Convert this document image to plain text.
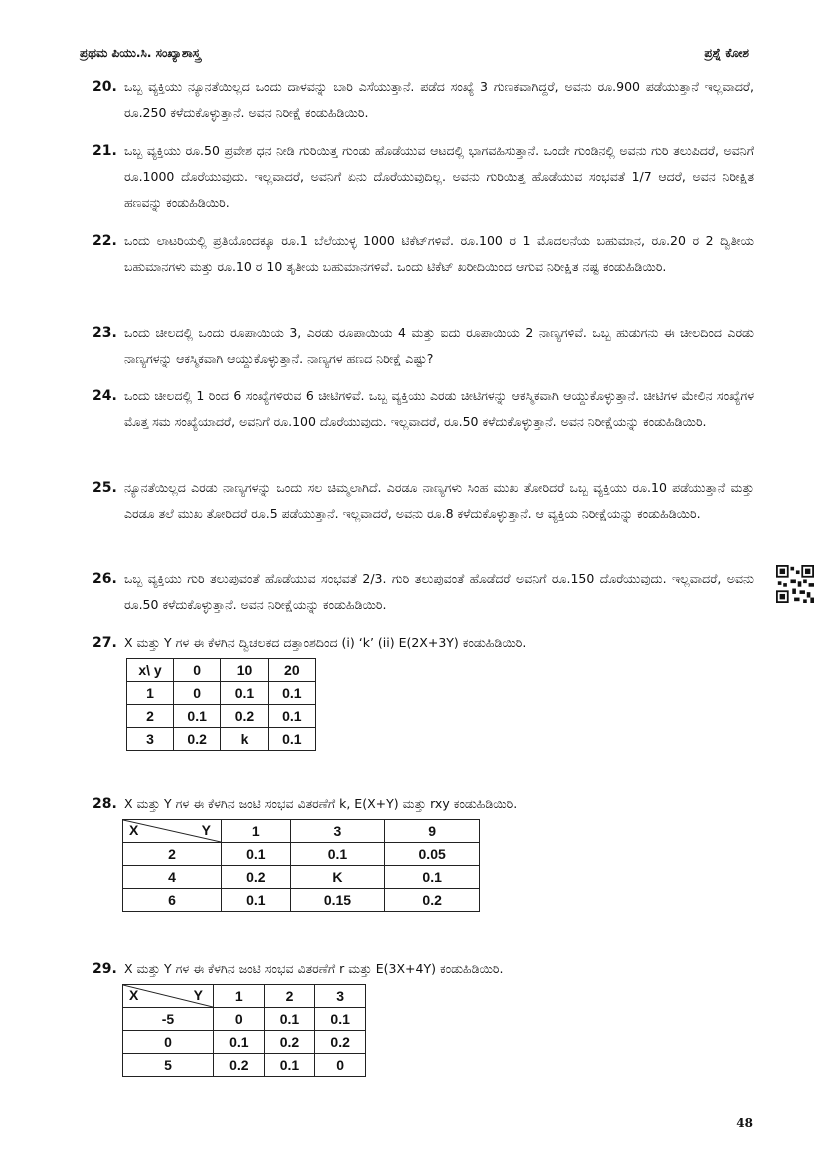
ಪ್ರಥಮ ಪಿಯು.ಸಿ. ಸಂಖ್ಯಾಶಾಸ್ತ್ರ	ಪ್ರಶ್ನೆ ಕೋಶ
20. ಒಬ್ಬ ವ್ಯಕ್ತಿಯು ನ್ಯೂನತೆಯಿಲ್ಲದ ಒಂದು ದಾಳವನ್ನು ಬಾರಿ ಎಸೆಯುತ್ತಾನೆ. ಪಡೆದ ಸಂಖ್ಯೆ 3 ಗುಣಕವಾಗಿದ್ದರೆ, ಅವನು ರೂ.900 ಪಡೆಯುತ್ತಾನೆ ಇಲ್ಲವಾದರೆ, ರೂ.250 ಕಳೆದುಕೊಳ್ಳುತ್ತಾನೆ. ಅವನ ನಿರೀಕ್ಷೆ ಕಂಡುಹಿಡಿಯಿರಿ.
21. ಒಬ್ಬ ವ್ಯಕ್ತಿಯು ರೂ.50 ಪ್ರವೇಶ ಧನ ನೀಡಿ ಗುರಿಯಿತ್ತ ಗುಂಡು ಹೊಡೆಯುವ ಆಟದಲ್ಲಿ ಭಾಗವಹಿಸುತ್ತಾನೆ. ಒಂದೇ ಗುಂಡಿನಲ್ಲಿ ಅವನು ಗುರಿ ತಲುಪಿದರೆ, ಅವನಿಗೆ ರೂ.1000 ದೊರೆಯುವುದು. ಇಲ್ಲವಾದರೆ, ಅವನಿಗೆ ಏನು ದೊರೆಯುವುದಿಲ್ಲ. ಅವನು ಗುರಿಯಿತ್ತ ಹೊಡೆಯುವ ಸಂಭವತೆ 1/7 ಆದರೆ, ಅವನ ನಿರೀಕ್ಷಿತ ಹಣವನ್ನು ಕಂಡುಹಿಡಿಯಿರಿ.
22. ಒಂದು ಲಾಟರಿಯಲ್ಲಿ ಪ್ರತಿಯೊಂದಕ್ಕೂ ರೂ.1 ಬೆಲೆಯುಳ್ಳ 1000 ಟಿಕೆಟ್‌ಗಳಿವೆ. ರೂ.100 ರ 1 ಮೊದಲನೆಯ ಬಹುಮಾನ, ರೂ.20 ರ 2 ದ್ವಿತೀಯ ಬಹುಮಾನಗಳು ಮತ್ತು ರೂ.10 ರ 10 ತೃತೀಯ ಬಹುಮಾನಗಳಿವೆ. ಒಂದು ಟಿಕೆಟ್ ಖರೀದಿಯಿಂದ ಆಗುವ ನಿರೀಕ್ಷಿತ ನಷ್ಟ ಕಂಡುಹಿಡಿಯಿರಿ.
23. ಒಂದು ಚೀಲದಲ್ಲಿ ಒಂದು ರೂಪಾಯಿಯ 3, ಎರಡು ರೂಪಾಯಿಯ 4 ಮತ್ತು ಐದು ರೂಪಾಯಿಯ 2 ನಾಣ್ಯಗಳಿವೆ. ಒಬ್ಬ ಹುಡುಗನು ಈ ಚೀಲದಿಂದ ಎರಡು ನಾಣ್ಯಗಳನ್ನು ಆಕಸ್ಮಿಕವಾಗಿ ಆಯ್ದುಕೊಳ್ಳುತ್ತಾನೆ. ನಾಣ್ಯಗಳ ಹಣದ ನಿರೀಕ್ಷೆ ಎಷ್ಟು?
24. ಒಂದು ಚೀಲದಲ್ಲಿ 1 ರಿಂದ 6 ಸಂಖ್ಯೆಗಳಿರುವ 6 ಚೀಟಿಗಳಿವೆ. ಒಬ್ಬ ವ್ಯಕ್ತಿಯು ಎರಡು ಚೀಟಿಗಳನ್ನು ಆಕಸ್ಮಿಕವಾಗಿ ಆಯ್ದುಕೊಳ್ಳುತ್ತಾನೆ. ಚೀಟಿಗಳ ಮೇಲಿನ ಸಂಖ್ಯೆಗಳ ಮೊತ್ತ ಸಮ ಸಂಖ್ಯೆಯಾದರೆ, ಅವನಿಗೆ ರೂ.100 ದೊರೆಯುವುದು. ಇಲ್ಲವಾದರೆ, ರೂ.50 ಕಳೆದುಕೊಳ್ಳುತ್ತಾನೆ. ಅವನ ನಿರೀಕ್ಷೆಯನ್ನು ಕಂಡುಹಿಡಿಯಿರಿ.
25. ನ್ಯೂನತೆಯಿಲ್ಲದ ಎರಡು ನಾಣ್ಯಗಳನ್ನು ಒಂದು ಸಲ ಚಿಮ್ಮಲಾಗಿದೆ. ಎರಡೂ ನಾಣ್ಯಗಳು ಸಿಂಹ ಮುಖ ತೋರಿದರೆ ಒಬ್ಬ ವ್ಯಕ್ತಿಯು ರೂ.10 ಪಡೆಯುತ್ತಾನೆ ಮತ್ತು ಎರಡೂ ತಲೆ ಮುಖ ತೋರಿದರೆ ರೂ.5 ಪಡೆಯುತ್ತಾನೆ. ಇಲ್ಲವಾದರೆ, ಅವನು ರೂ.8 ಕಳೆದುಕೊಳ್ಳುತ್ತಾನೆ. ಆ ವ್ಯಕ್ತಿಯ ನಿರೀಕ್ಷೆಯನ್ನು ಕಂಡುಹಿಡಿಯಿರಿ.
26. ಒಬ್ಬ ವ್ಯಕ್ತಿಯು ಗುರಿ ತಲುಪುವಂತೆ ಹೊಡೆಯುವ ಸಂಭವತೆ 2/3. ಗುರಿ ತಲುಪುವಂತೆ ಹೊಡೆದರೆ ಅವನಿಗೆ ರೂ.150 ದೊರೆಯುವುದು. ಇಲ್ಲವಾದರೆ, ಅವನು ರೂ.50 ಕಳೆದುಕೊಳ್ಳುತ್ತಾನೆ. ಅವನ ನಿರೀಕ್ಷೆಯನ್ನು ಕಂಡುಹಿಡಿಯಿರಿ.
27. X ಮತ್ತು Y ಗಳ ಈ ಕೆಳಗಿನ ದ್ವಿಚಲಕದ ದತ್ತಾಂಶದಿಂದ (i) ‘k’ (ii) E(2X+3Y) ಕಂಡುಹಿಡಿಯಿರಿ.
x\ y	0	10	20
1	0	0.1	0.1
2	0.1	0.2	0.1
3	0.2	k	0.1
28. X ಮತ್ತು Y ಗಳ ಈ ಕೆಳಗಿನ ಜಂಟಿ ಸಂಭವ ವಿತರಣೆಗೆ k, E(X+Y) ಮತ್ತು rxy ಕಂಡುಹಿಡಿಯಿರಿ.
X Y	1	3	9
2	0.1	0.1	0.05
4	0.2	K	0.1
6	0.1	0.15	0.2
29. X ಮತ್ತು Y ಗಳ ಈ ಕೆಳಗಿನ ಜಂಟಿ ಸಂಭವ ವಿತರಣೆಗೆ r ಮತ್ತು E(3X+4Y) ಕಂಡುಹಿಡಿಯಿರಿ.
X Y	1	2	3
-5	0	0.1	0.1
0	0.1	0.2	0.2
5	0.2	0.1	0
48
